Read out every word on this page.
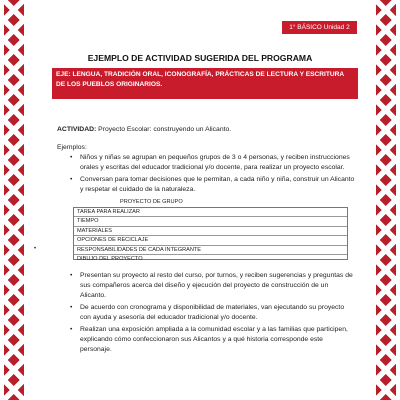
1° BÁSICO Unidad 2
EJEMPLO DE ACTIVIDAD SUGERIDA DEL PROGRAMA
EJE: LENGUA, TRADICIÓN ORAL, ICONOGRAFÍA, PRÁCTICAS DE LECTURA Y ESCRITURA DE LOS PUEBLOS ORIGINARIOS.
ACTIVIDAD: Proyecto Escolar: construyendo un Alicanto.
Ejemplos:
• Niños y niñas se agrupan en pequeños grupos de 3 o 4 personas, y reciben instrucciones orales y escritas del educador tradicional y/o docente, para realizar un proyecto escolar.
• Conversan para tomar decisiones que le permitan, a cada niño y niña, construir un Alicanto y respetar el cuidado de la naturaleza.
PROYECTO DE GRUPO
TAREA PARA REALIZAR
TIEMPO
MATERIALES
OPCIONES DE RECICLAJE
RESPONSABILIDADES DE CADA INTEGRANTE
DIBUJO DEL PROYECTO
•
• Presentan su proyecto al resto del curso, por turnos, y reciben sugerencias y preguntas de sus compañeros acerca del diseño y ejecución del proyecto de construcción de un Alicanto.
• De acuerdo con cronograma y disponibilidad de materiales, van ejecutando su proyecto con ayuda y asesoría del educador tradicional y/o docente.
• Realizan una exposición ampliada a la comunidad escolar y a las familias que participen, explicando cómo confeccionaron sus Alicantos y a qué historia corresponde este personaje.
